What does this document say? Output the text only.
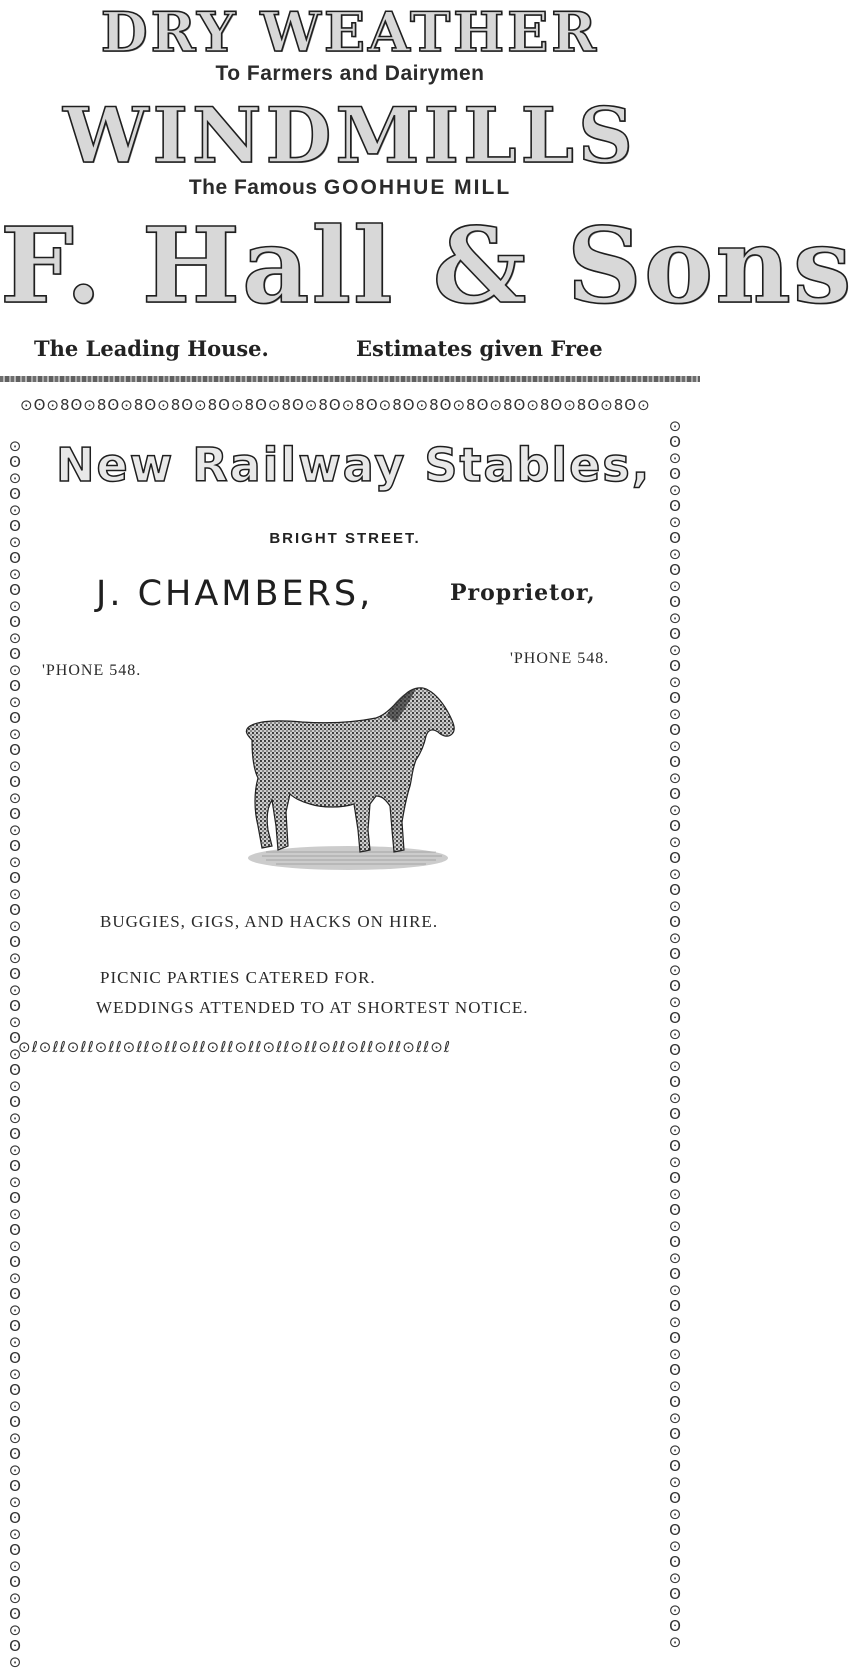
DRY WEATHER
To Farmers and Dairymen
WINDMILLS
The Famous GOOHHUE MILL
F. Hall & Sons
The Leading House.	Estimates given Free
⊙ʘ⊙8ʘ⊙8ʘ⊙8ʘ⊙8ʘ⊙8ʘ⊙8ʘ⊙8ʘ⊙8ʘ⊙8ʘ⊙8ʘ⊙8ʘ⊙8ʘ⊙8ʘ⊙8ʘ⊙8ʘ⊙8ʘ⊙
⊙ʘ⊙ʘ⊙ʘ⊙ʘ⊙ʘ⊙ʘ⊙ʘ⊙ʘ⊙ʘ⊙ʘ⊙ʘ⊙ʘ⊙ʘ⊙ʘ⊙ʘ⊙ʘ⊙ʘ⊙ʘ⊙ʘ⊙ʘ⊙ʘ⊙ʘ⊙ʘ⊙ʘ⊙ʘ⊙ʘ⊙ʘ⊙ʘ⊙ʘ⊙ʘ⊙ʘ⊙ʘ⊙ʘ⊙ʘ⊙ʘ⊙ʘ⊙ʘ⊙ʘ⊙
⊙ʘ⊙ʘ⊙ʘ⊙ʘ⊙ʘ⊙ʘ⊙ʘ⊙ʘ⊙ʘ⊙ʘ⊙ʘ⊙ʘ⊙ʘ⊙ʘ⊙ʘ⊙ʘ⊙ʘ⊙ʘ⊙ʘ⊙ʘ⊙ʘ⊙ʘ⊙ʘ⊙ʘ⊙ʘ⊙ʘ⊙ʘ⊙ʘ⊙ʘ⊙ʘ⊙ʘ⊙ʘ⊙ʘ⊙ʘ⊙ʘ⊙ʘ⊙ʘ⊙ʘ⊙
⊙ℓ⊙ℓℓ⊙ℓℓ⊙ℓℓ⊙ℓℓ⊙ℓℓ⊙ℓℓ⊙ℓℓ⊙ℓℓ⊙ℓℓ⊙ℓℓ⊙ℓℓ⊙ℓℓ⊙ℓℓ⊙ℓℓ⊙ℓ
New Railway Stables,
BRIGHT STREET.
J. CHAMBERS,	Proprietor,
'PHONE 548.
'PHONE 548.
BUGGIES, GIGS, AND HACKS ON HIRE.
PICNIC PARTIES CATERED FOR.
WEDDINGS ATTENDED TO AT SHORTEST NOTICE.
